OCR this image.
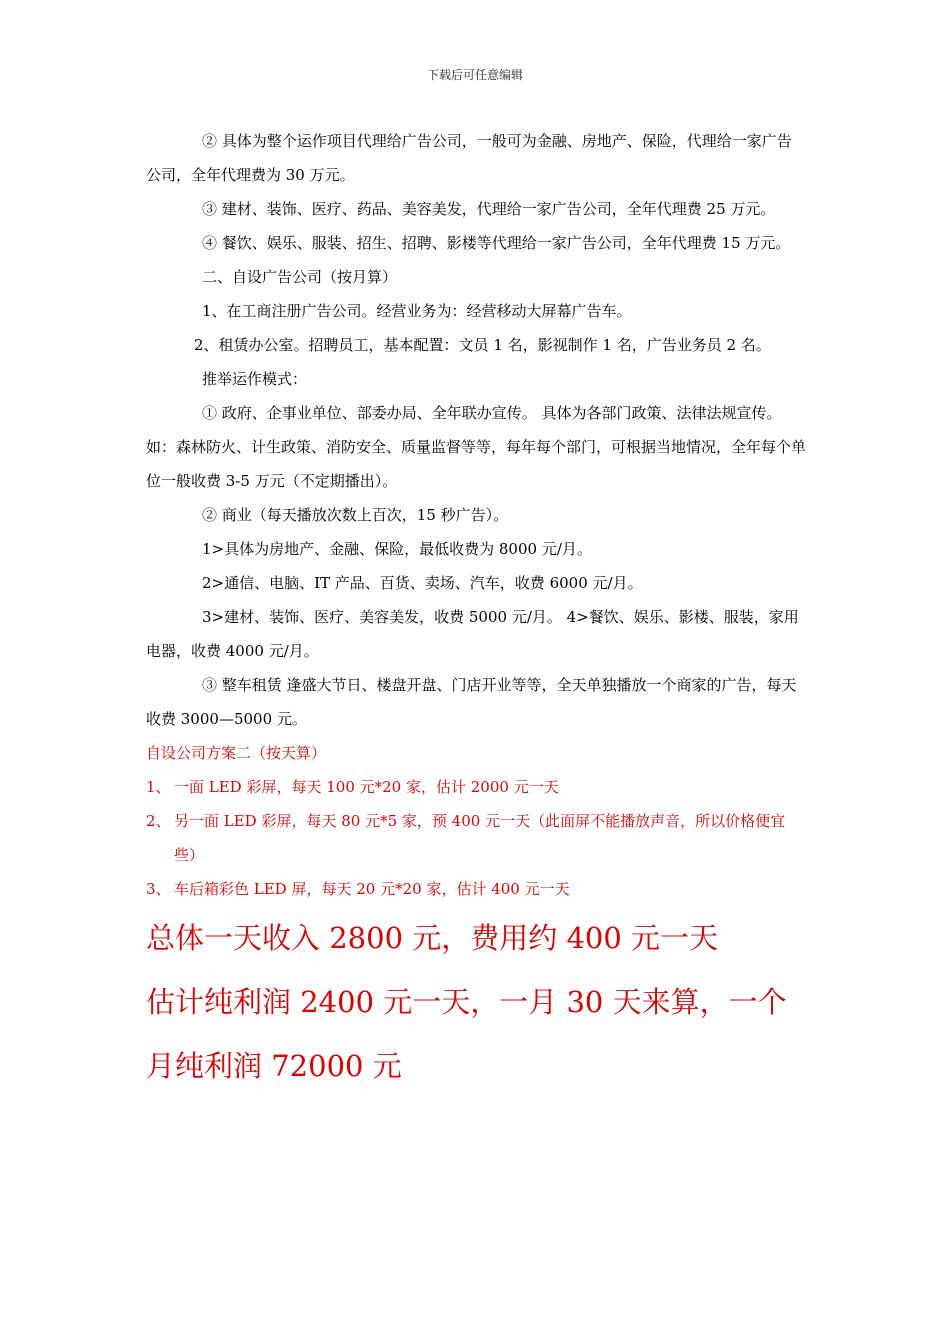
下载后可任意编辑

② 具体为整个运作项目代理给广告公司，一般可为金融、房地产、保险，代理给一家广告公司，全年代理费为 30 万元。

③ 建材、装饰、医疗、药品、美容美发，代理给一家广告公司，全年代理费 25 万元。

④ 餐饮、娱乐、服装、招生、招聘、影楼等代理给一家广告公司，全年代理费 15 万元。

二、自设广告公司（按月算）

1、在工商注册广告公司。经营业务为：经营移动大屏幕广告车。

2、租赁办公室。招聘员工，基本配置：文员 1 名，影视制作 1 名，广告业务员 2 名。

推举运作模式：

① 政府、企事业单位、部委办局、全年联办宣传。 具体为各部门政策、法律法规宣传。如：森林防火、计生政策、消防安全、质量监督等等，每年每个部门，可根据当地情况，全年每个单位一般收费 3-5 万元（不定期播出）。

② 商业（每天播放次数上百次，15 秒广告）。

1>具体为房地产、金融、保险，最低收费为 8000 元/月。

2>通信、电脑、IT 产品、百货、卖场、汽车，收费 6000 元/月。

3>建材、装饰、医疗、美容美发，收费 5000 元/月。 4>餐饮、娱乐、影楼、服装，家用电器，收费 4000 元/月。

③ 整车租赁 逢盛大节日、楼盘开盘、门店开业等等，全天单独播放一个商家的广告，每天收费 3000—5000 元。

自设公司方案二（按天算）

1、 一面 LED 彩屏，每天 100 元*20 家，估计 2000 元一天
2、 另一面 LED 彩屏，每天 80 元*5 家，预 400 元一天（此面屏不能播放声音，所以价格便宜些）
3、 车后箱彩色 LED 屏，每天 20 元*20 家，估计 400 元一天

总体一天收入 2800 元，费用约 400 元一天

估计纯利润 2400 元一天，一月 30 天来算，一个月纯利润 72000 元
